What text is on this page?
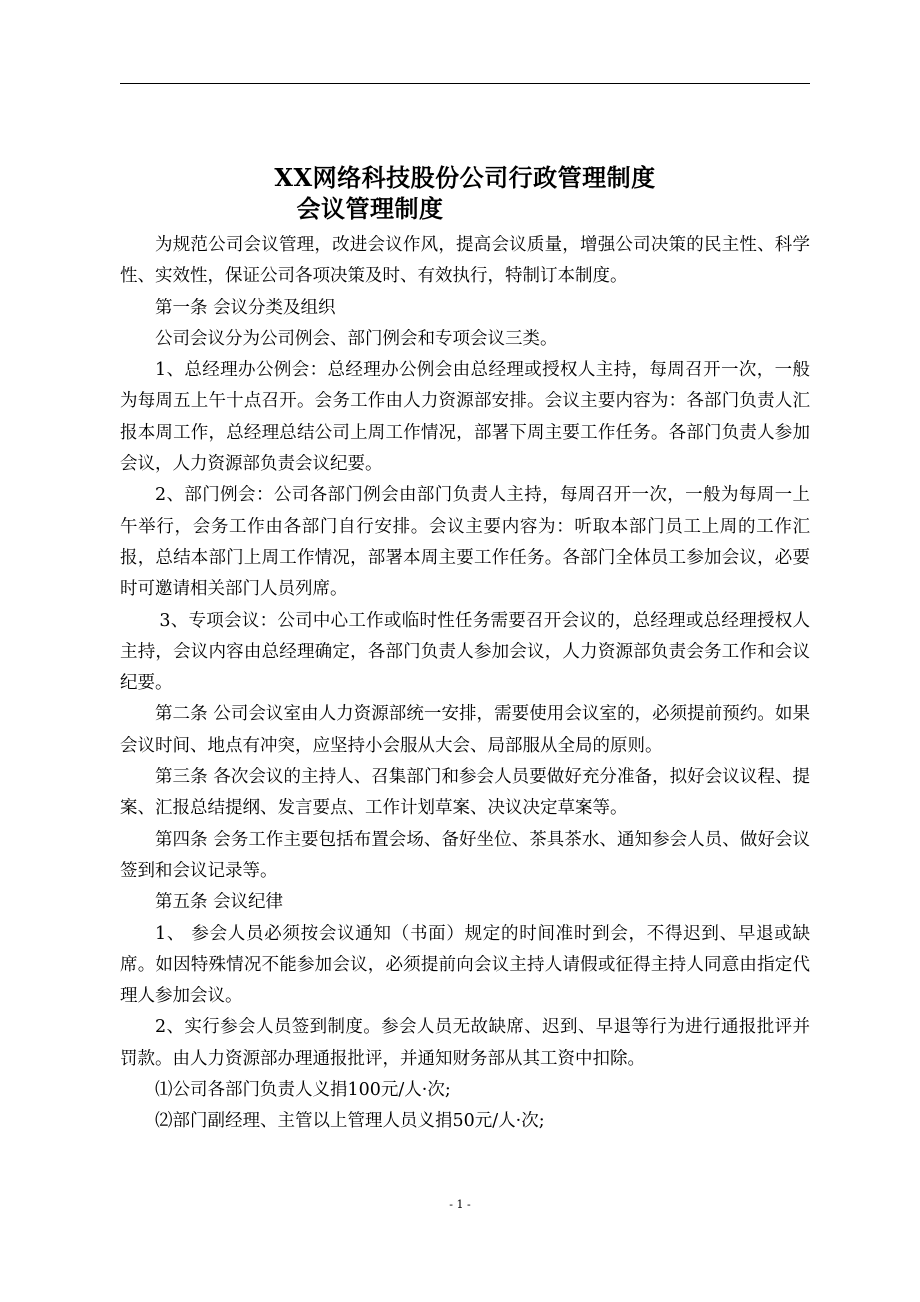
XX网络科技股份公司行政管理制度
会议管理制度

为规范公司会议管理，改进会议作风，提高会议质量，增强公司决策的民主性、科学性、实效性，保证公司各项决策及时、有效执行，特制订本制度。

第一条 会议分类及组织

公司会议分为公司例会、部门例会和专项会议三类。

1、总经理办公例会：总经理办公例会由总经理或授权人主持，每周召开一次，一般为每周五上午十点召开。会务工作由人力资源部安排。会议主要内容为：各部门负责人汇报本周工作，总经理总结公司上周工作情况，部署下周主要工作任务。各部门负责人参加会议，人力资源部负责会议纪要。

2、部门例会：公司各部门例会由部门负责人主持，每周召开一次，一般为每周一上午举行，会务工作由各部门自行安排。会议主要内容为：听取本部门员工上周的工作汇报，总结本部门上周工作情况，部署本周主要工作任务。各部门全体员工参加会议，必要时可邀请相关部门人员列席。

3、专项会议：公司中心工作或临时性任务需要召开会议的，总经理或总经理授权人主持，会议内容由总经理确定，各部门负责人参加会议，人力资源部负责会务工作和会议纪要。

第二条 公司会议室由人力资源部统一安排，需要使用会议室的，必须提前预约。如果会议时间、地点有冲突，应坚持小会服从大会、局部服从全局的原则。

第三条 各次会议的主持人、召集部门和参会人员要做好充分准备，拟好会议议程、提案、汇报总结提纲、发言要点、工作计划草案、决议决定草案等。

第四条 会务工作主要包括布置会场、备好坐位、茶具茶水、通知参会人员、做好会议签到和会议记录等。

第五条 会议纪律

1、 参会人员必须按会议通知（书面）规定的时间准时到会，不得迟到、早退或缺席。如因特殊情况不能参加会议，必须提前向会议主持人请假或征得主持人同意由指定代理人参加会议。

2、实行参会人员签到制度。参会人员无故缺席、迟到、早退等行为进行通报批评并罚款。由人力资源部办理通报批评，并通知财务部从其工资中扣除。

⑴公司各部门负责人义捐100元/人·次;

⑵部门副经理、主管以上管理人员义捐50元/人·次;

- 1 -
